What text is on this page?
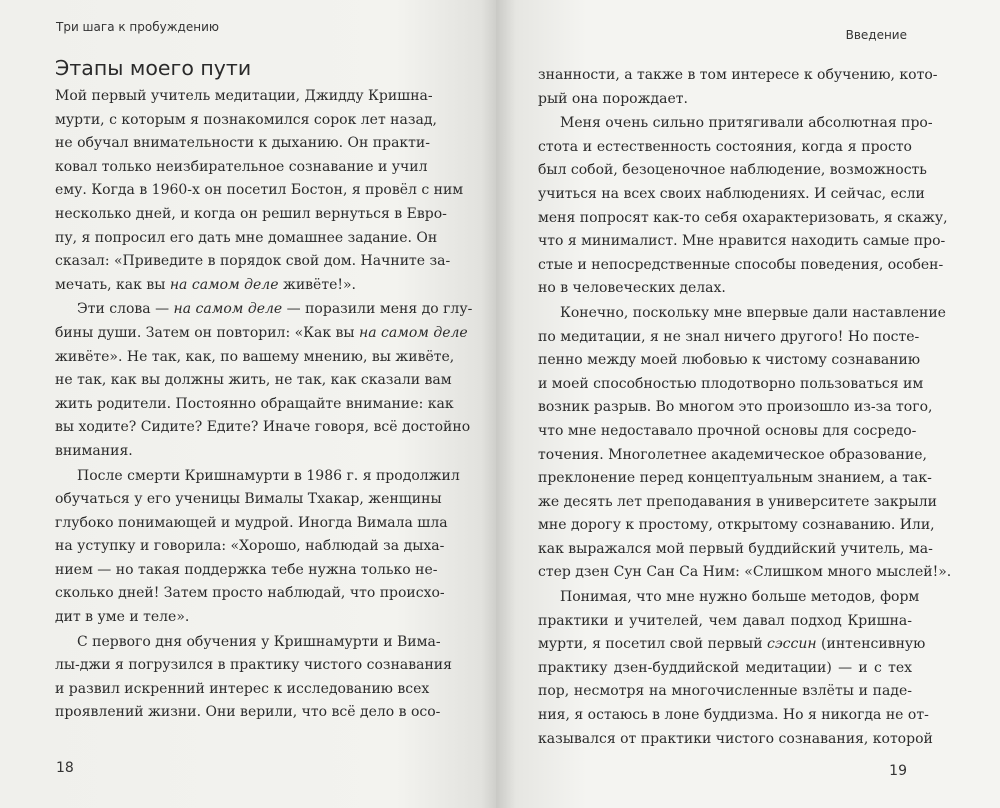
Три шага к пробуждению
Этапы моего пути
Мой первый учитель медитации, Джидду Кришна-
мурти, с которым я познакомился сорок лет назад,
не обучал внимательности к дыханию. Он практи-
ковал только неизбирательное сознавание и учил
ему. Когда в 1960-х он посетил Бостон, я провёл с ним
несколько дней, и когда он решил вернуться в Евро-
пу, я попросил его дать мне домашнее задание. Он
сказал: «Приведите в порядок свой дом. Начните за-
мечать, как вы на самом деле живёте!».
Эти слова — на самом деле — поразили меня до глу-
бины души. Затем он повторил: «Как вы на самом деле
живёте». Не так, как, по вашему мнению, вы живёте,
не так, как вы должны жить, не так, как сказали вам
жить родители. Постоянно обращайте внимание: как
вы ходите? Сидите? Едите? Иначе говоря, всё достойно
внимания.
После смерти Кришнамурти в 1986 г. я продолжил
обучаться у его ученицы Вималы Тхакар, женщины
глубоко понимающей и мудрой. Иногда Вимала шла
на уступку и говорила: «Хорошо, наблюдай за дыха-
нием — но такая поддержка тебе нужна только не-
сколько дней! Затем просто наблюдай, что происхо-
дит в уме и теле».
С первого дня обучения у Кришнамурти и Вима-
лы-джи я погрузился в практику чистого сознавания
и развил искренний интерес к исследованию всех
проявлений жизни. Они верили, что всё дело в осо-
18
Введение
знанности, а также в том интересе к обучению, кото-
рый она порождает.
Меня очень сильно притягивали абсолютная про-
стота и естественность состояния, когда я просто
был собой, безоценочное наблюдение, возможность
учиться на всех своих наблюдениях. И сейчас, если
меня попросят как-то себя охарактеризовать, я скажу,
что я минималист. Мне нравится находить самые про-
стые и непосредственные способы поведения, особен-
но в человеческих делах.
Конечно, поскольку мне впервые дали наставление
по медитации, я не знал ничего другого! Но посте-
пенно между моей любовью к чистому сознаванию
и моей способностью плодотворно пользоваться им
возник разрыв. Во многом это произошло из-за того,
что мне недоставало прочной основы для сосредо-
точения. Многолетнее академическое образование,
преклонение перед концептуальным знанием, а так-
же десять лет преподавания в университете закрыли
мне дорогу к простому, открытому сознаванию. Или,
как выражался мой первый буддийский учитель, ма-
стер дзен Сун Сан Са Ним: «Слишком много мыслей!».
Понимая, что мне нужно больше методов, форм
практики и учителей, чем давал подход Кришна-
мурти, я посетил свой первый сэссин (интенсивную
практику дзен-буддийской медитации) — и с тех
пор, несмотря на многочисленные взлёты и паде-
ния, я остаюсь в лоне буддизма. Но я никогда не от-
казывался от практики чистого сознавания, которой
19
